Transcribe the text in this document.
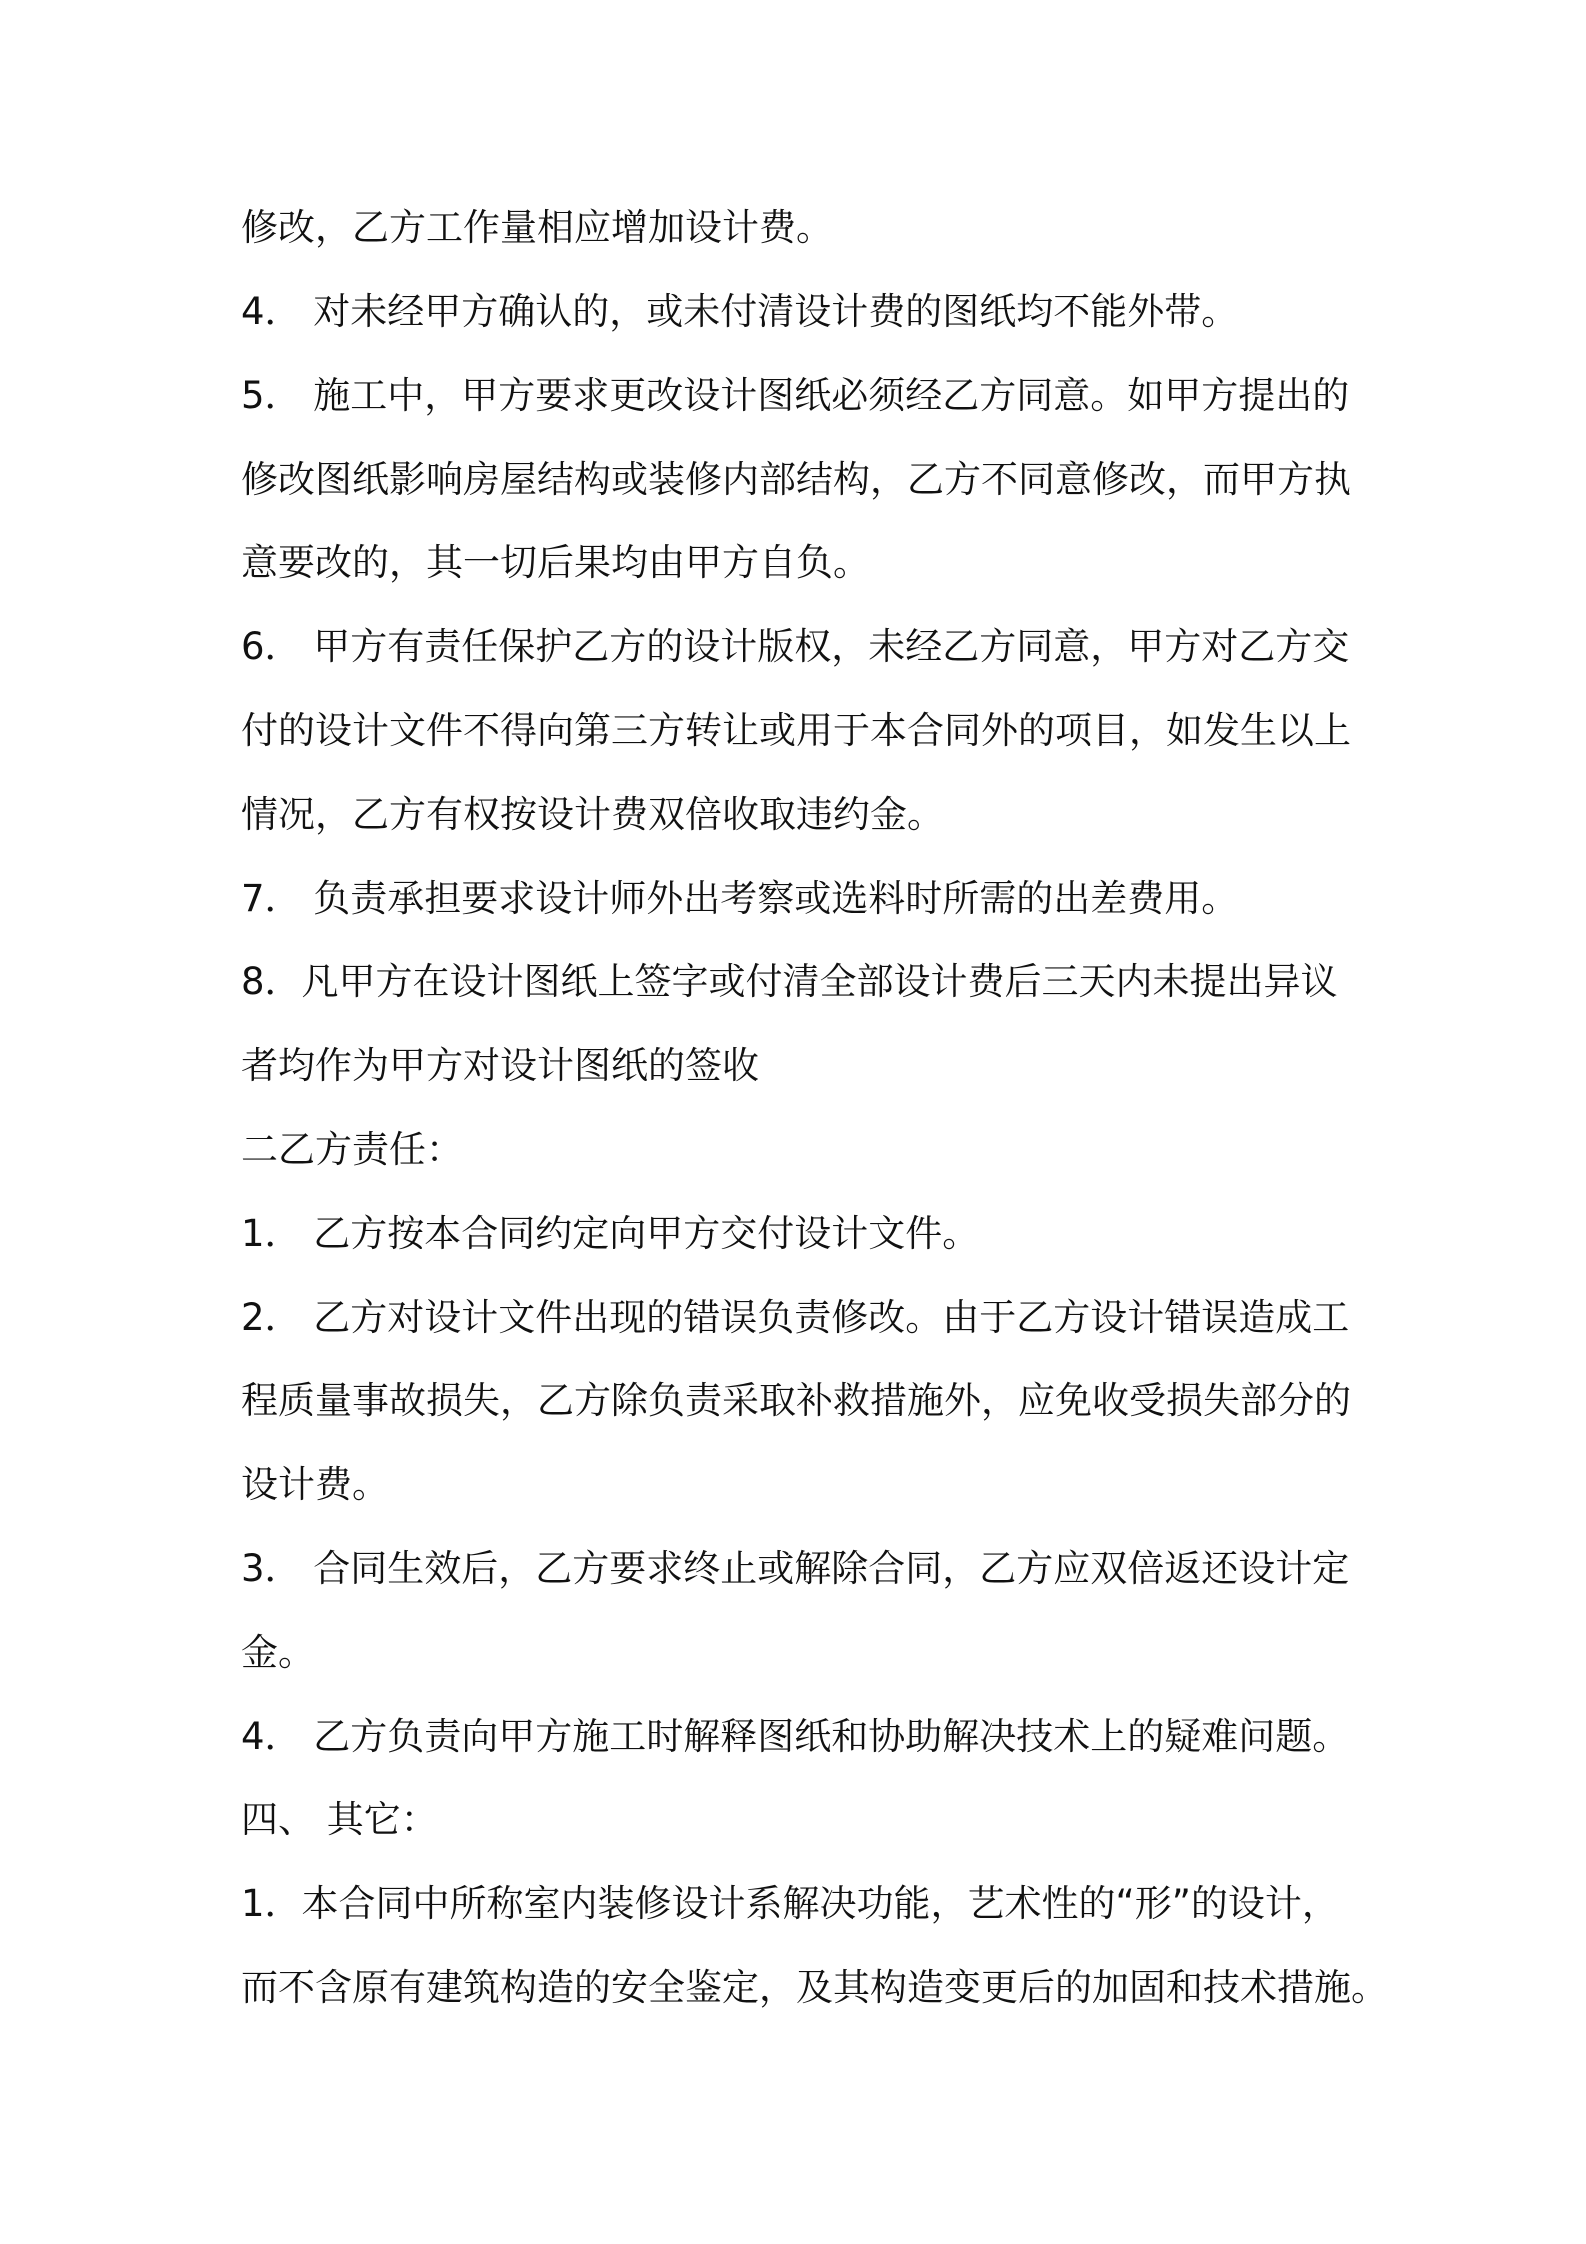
修改，乙方工作量相应增加设计费。
4． 对未经甲方确认的，或未付清设计费的图纸均不能外带。
5． 施工中，甲方要求更改设计图纸必须经乙方同意。如甲方提出的
修改图纸影响房屋结构或装修内部结构，乙方不同意修改，而甲方执
意要改的，其一切后果均由甲方自负。
6． 甲方有责任保护乙方的设计版权，未经乙方同意，甲方对乙方交
付的设计文件不得向第三方转让或用于本合同外的项目，如发生以上
情况，乙方有权按设计费双倍收取违约金。
7． 负责承担要求设计师外出考察或选料时所需的出差费用。
8．凡甲方在设计图纸上签字或付清全部设计费后三天内未提出异议
者均作为甲方对设计图纸的签收
二乙方责任：
1． 乙方按本合同约定向甲方交付设计文件。
2． 乙方对设计文件出现的错误负责修改。由于乙方设计错误造成工
程质量事故损失，乙方除负责采取补救措施外，应免收受损失部分的
设计费。
3． 合同生效后，乙方要求终止或解除合同，乙方应双倍返还设计定
金。
4． 乙方负责向甲方施工时解释图纸和协助解决技术上的疑难问题。
四、 其它：
1．本合同中所称室内装修设计系解决功能，艺术性的“形”的设计，
而不含原有建筑构造的安全鉴定，及其构造变更后的加固和技术措施。
